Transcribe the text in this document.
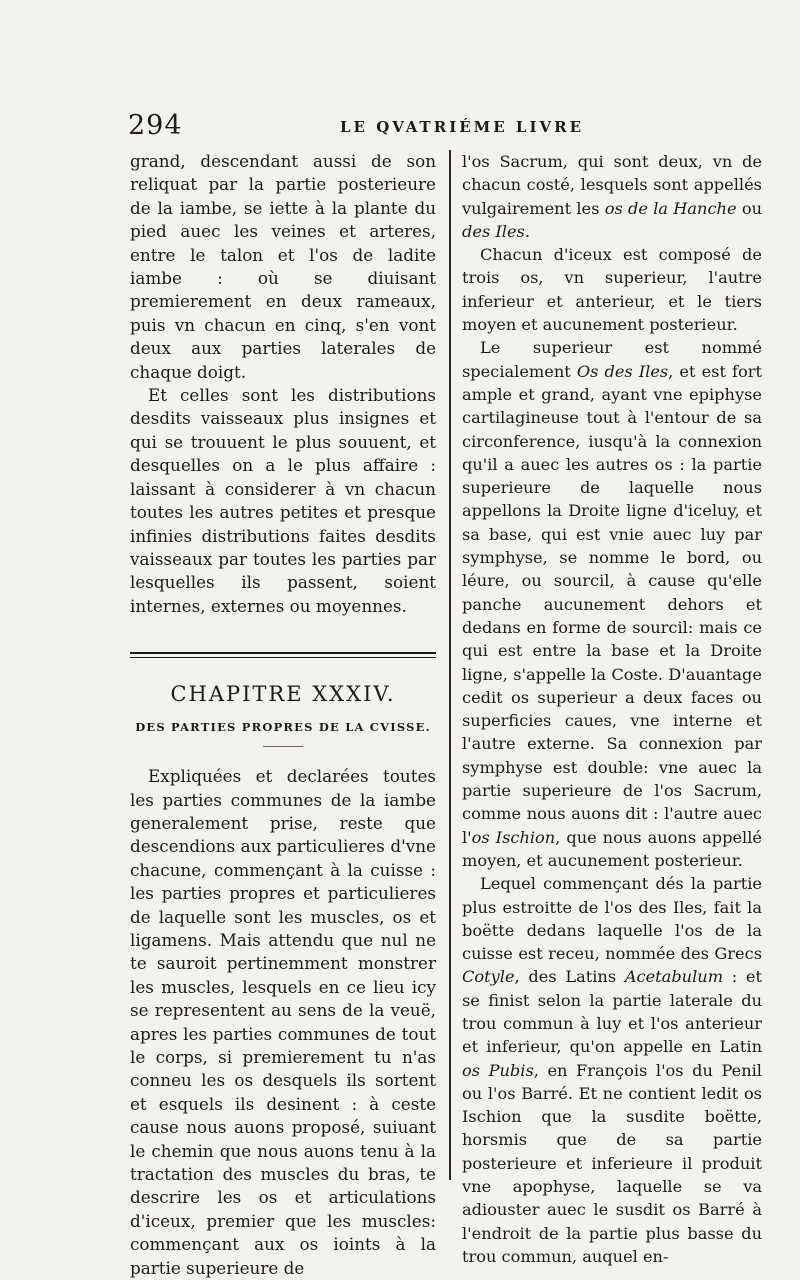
294	LE QVATRIÉME LIVRE

grand, descendant aussi de son reliquat par la partie posterieure de la iambe, se iette à la plante du pied auec les veines et arteres, entre le talon et l'os de ladite iambe : où se diuisant premierement en deux rameaux, puis vn chacun en cinq, s'en vont deux aux parties laterales de chaque doigt.

Et celles sont les distributions desdits vaisseaux plus insignes et qui se trouuent le plus souuent, et desquelles on a le plus affaire : laissant à considerer à vn chacun toutes les autres petites et presque infinies distributions faites desdits vaisseaux par toutes les parties par lesquelles ils passent, soient internes, externes ou moyennes.

CHAPITRE XXXIV.
DES PARTIES PROPRES DE LA CVISSE.

Expliquées et declarées toutes les parties communes de la iambe generalement prise, reste que descendions aux particulieres d'vne chacune, commençant à la cuisse : les parties propres et particulieres de laquelle sont les muscles, os et ligamens. Mais attendu que nul ne te sauroit pertinemment monstrer les muscles, lesquels en ce lieu icy se representent au sens de la veuë, apres les parties communes de tout le corps, si premierement tu n'as conneu les os desquels ils sortent et esquels ils desinent : à ceste cause nous auons proposé, suiuant le chemin que nous auons tenu à la tractation des muscles du bras, te descrire les os et articulations d'iceux, premier que les muscles: commençant aux os ioints à la partie superieure de

l'os Sacrum, qui sont deux, vn de chacun costé, lesquels sont appellés vulgairement les os de la Hanche ou des Iles.

Chacun d'iceux est composé de trois os, vn superieur, l'autre inferieur et anterieur, et le tiers moyen et aucunement posterieur.

Le superieur est nommé specialement Os des Iles, et est fort ample et grand, ayant vne epiphyse cartilagineuse tout à l'entour de sa circonference, iusqu'à la connexion qu'il a auec les autres os : la partie superieure de laquelle nous appellons la Droite ligne d'iceluy, et sa base, qui est vnie auec luy par symphyse, se nomme le bord, ou léure, ou sourcil, à cause qu'elle panche aucunement dehors et dedans en forme de sourcil: mais ce qui est entre la base et la Droite ligne, s'appelle la Coste. D'auantage cedit os superieur a deux faces ou superficies caues, vne interne et l'autre externe. Sa connexion par symphyse est double: vne auec la partie superieure de l'os Sacrum, comme nous auons dit : l'autre auec l'os Ischion, que nous auons appellé moyen, et aucunement posterieur.

Lequel commençant dés la partie plus estroitte de l'os des Iles, fait la boëtte dedans laquelle l'os de la cuisse est receu, nommée des Grecs Cotyle, des Latins Acetabulum : et se finist selon la partie laterale du trou commun à luy et l'os anterieur et inferieur, qu'on appelle en Latin os Pubis, en François l'os du Penil ou l'os Barré. Et ne contient ledit os Ischion que la susdite boëtte, horsmis que de sa partie posterieure et inferieure il produit vne apophyse, laquelle se va adiouster auec le susdit os Barré à l'endroit de la partie plus basse du trou commun, auquel en-
